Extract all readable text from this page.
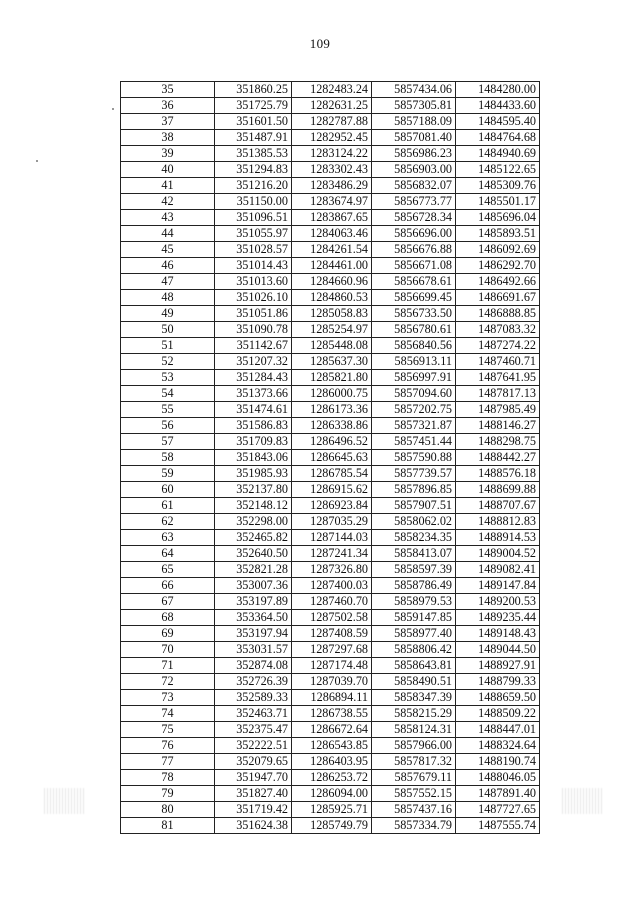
109
35	351860.25	1282483.24	5857434.06	1484280.00
36	351725.79	1282631.25	5857305.81	1484433.60
37	351601.50	1282787.88	5857188.09	1484595.40
38	351487.91	1282952.45	5857081.40	1484764.68
39	351385.53	1283124.22	5856986.23	1484940.69
40	351294.83	1283302.43	5856903.00	1485122.65
41	351216.20	1283486.29	5856832.07	1485309.76
42	351150.00	1283674.97	5856773.77	1485501.17
43	351096.51	1283867.65	5856728.34	1485696.04
44	351055.97	1284063.46	5856696.00	1485893.51
45	351028.57	1284261.54	5856676.88	1486092.69
46	351014.43	1284461.00	5856671.08	1486292.70
47	351013.60	1284660.96	5856678.61	1486492.66
48	351026.10	1284860.53	5856699.45	1486691.67
49	351051.86	1285058.83	5856733.50	1486888.85
50	351090.78	1285254.97	5856780.61	1487083.32
51	351142.67	1285448.08	5856840.56	1487274.22
52	351207.32	1285637.30	5856913.11	1487460.71
53	351284.43	1285821.80	5856997.91	1487641.95
54	351373.66	1286000.75	5857094.60	1487817.13
55	351474.61	1286173.36	5857202.75	1487985.49
56	351586.83	1286338.86	5857321.87	1488146.27
57	351709.83	1286496.52	5857451.44	1488298.75
58	351843.06	1286645.63	5857590.88	1488442.27
59	351985.93	1286785.54	5857739.57	1488576.18
60	352137.80	1286915.62	5857896.85	1488699.88
61	352148.12	1286923.84	5857907.51	1488707.67
62	352298.00	1287035.29	5858062.02	1488812.83
63	352465.82	1287144.03	5858234.35	1488914.53
64	352640.50	1287241.34	5858413.07	1489004.52
65	352821.28	1287326.80	5858597.39	1489082.41
66	353007.36	1287400.03	5858786.49	1489147.84
67	353197.89	1287460.70	5858979.53	1489200.53
68	353364.50	1287502.58	5859147.85	1489235.44
69	353197.94	1287408.59	5858977.40	1489148.43
70	353031.57	1287297.68	5858806.42	1489044.50
71	352874.08	1287174.48	5858643.81	1488927.91
72	352726.39	1287039.70	5858490.51	1488799.33
73	352589.33	1286894.11	5858347.39	1488659.50
74	352463.71	1286738.55	5858215.29	1488509.22
75	352375.47	1286672.64	5858124.31	1488447.01
76	352222.51	1286543.85	5857966.00	1488324.64
77	352079.65	1286403.95	5857817.32	1488190.74
78	351947.70	1286253.72	5857679.11	1488046.05
79	351827.40	1286094.00	5857552.15	1487891.40
80	351719.42	1285925.71	5857437.16	1487727.65
81	351624.38	1285749.79	5857334.79	1487555.74
